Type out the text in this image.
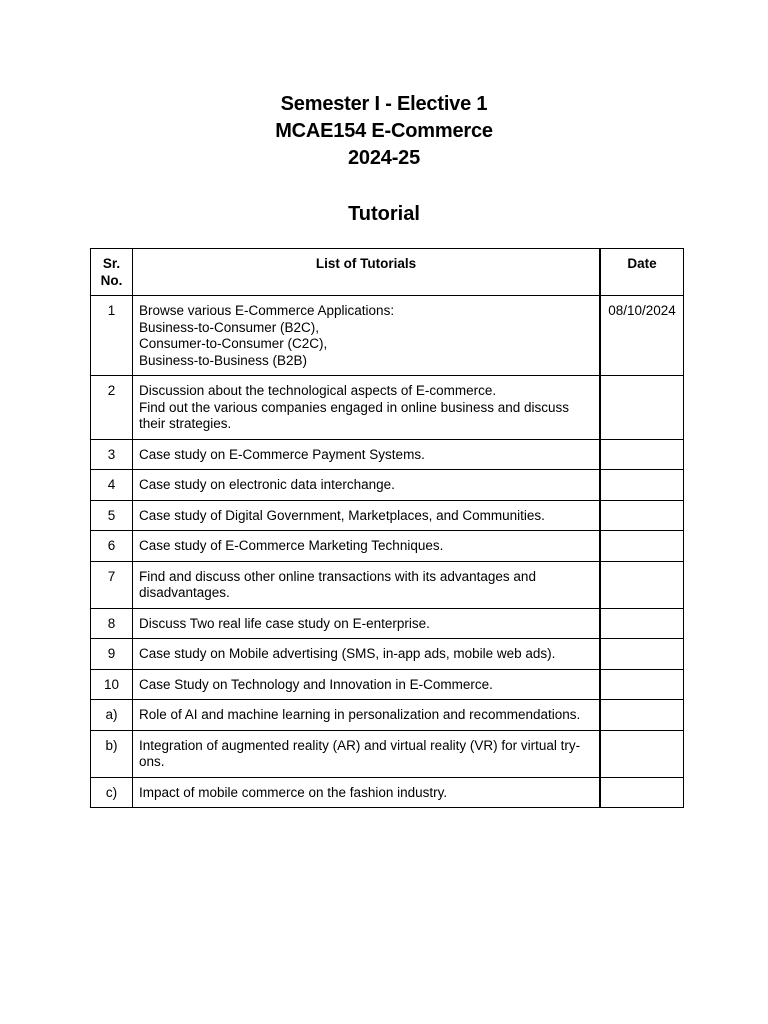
Semester I - Elective 1
MCAE154 E-Commerce
2024-25
Tutorial
Sr.
No.	List of Tutorials	Date
1	Browse various E-Commerce Applications:
Business-to-Consumer (B2C),
Consumer-to-Consumer (C2C),
Business-to-Business (B2B)	08/10/2024
2	Discussion about the technological aspects of E-commerce.
Find out the various companies engaged in online business and discuss their strategies.	

3	Case study on E-Commerce Payment Systems.	

4	Case study on electronic data interchange.	

5	Case study of Digital Government, Marketplaces, and Communities.	

6	Case study of E-Commerce Marketing Techniques.	

7	Find and discuss other online transactions with its advantages and disadvantages.	

8	Discuss Two real life case study on E-enterprise.	

9	Case study on Mobile advertising (SMS, in-app ads, mobile web ads).	

10	Case Study on Technology and Innovation in E-Commerce.	

a)	Role of AI and machine learning in personalization and recommendations.	

b)	Integration of augmented reality (AR) and virtual reality (VR) for virtual try-ons.	

c)	Impact of mobile commerce on the fashion industry.	
